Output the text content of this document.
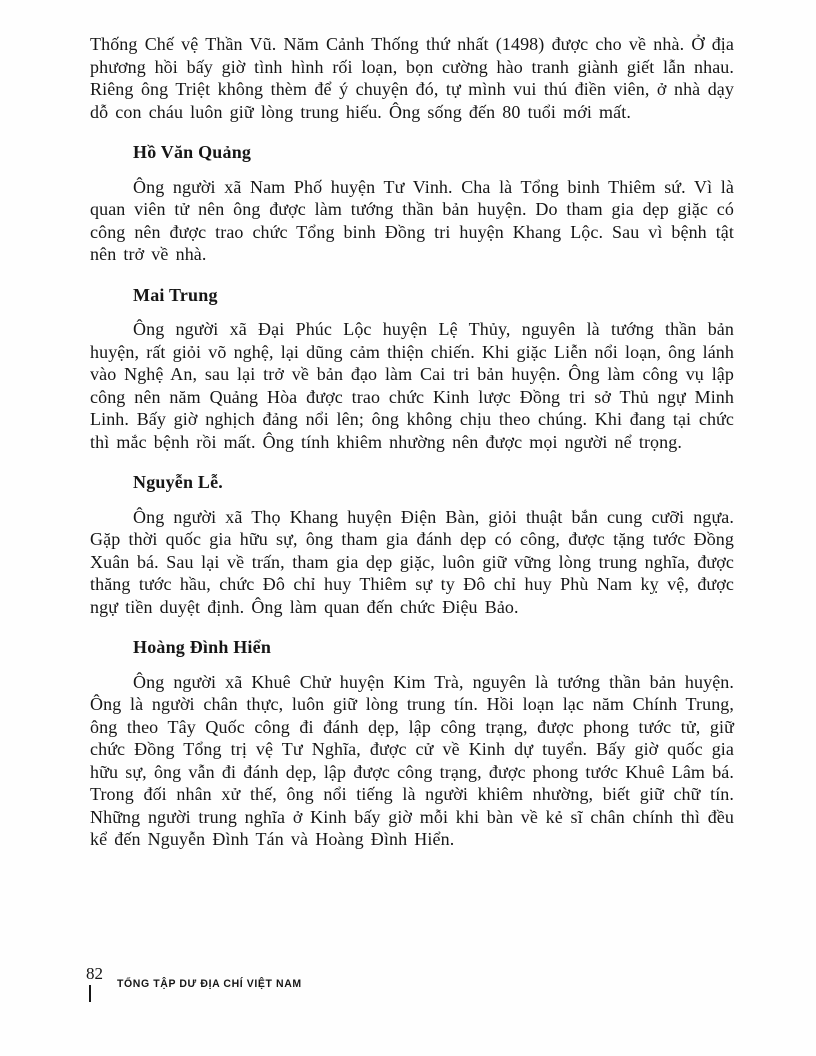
Thống Chế vệ Thần Vũ. Năm Cảnh Thống thứ nhất (1498) được cho về nhà. Ở địa phương hồi bấy giờ tình hình rối loạn, bọn cường hào tranh giành giết lẫn nhau. Riêng ông Triệt không thèm để ý chuyện đó, tự mình vui thú điền viên, ở nhà dạy dỗ con cháu luôn giữ lòng trung hiếu. Ông sống đến 80 tuổi mới mất.

Hồ Văn Quảng

Ông người xã Nam Phố huyện Tư Vinh. Cha là Tổng binh Thiêm sứ. Vì là quan viên tử nên ông được làm tướng thần bản huyện. Do tham gia dẹp giặc có công nên được trao chức Tổng binh Đồng tri huyện Khang Lộc. Sau vì bệnh tật nên trở về nhà.

Mai Trung

Ông người xã Đại Phúc Lộc huyện Lệ Thủy, nguyên là tướng thần bản huyện, rất giỏi võ nghệ, lại dũng cảm thiện chiến. Khi giặc Liễn nổi loạn, ông lánh vào Nghệ An, sau lại trở về bản đạo làm Cai tri bản huyện. Ông làm công vụ lập công nên năm Quảng Hòa được trao chức Kinh lược Đồng tri sở Thủ ngự Minh Linh. Bấy giờ nghịch đảng nổi lên; ông không chịu theo chúng. Khi đang tại chức thì mắc bệnh rồi mất. Ông tính khiêm nhường nên được mọi người nể trọng.

Nguyễn Lễ.

Ông người xã Thọ Khang huyện Điện Bàn, giỏi thuật bắn cung cưỡi ngựa. Gặp thời quốc gia hữu sự, ông tham gia đánh dẹp có công, được tặng tước Đồng Xuân bá. Sau lại về trấn, tham gia dẹp giặc, luôn giữ vững lòng trung nghĩa, được thăng tước hầu, chức Đô chỉ huy Thiêm sự ty Đô chỉ huy Phù Nam kỵ vệ, được ngự tiền duyệt định. Ông làm quan đến chức Điệu Bảo.

Hoàng Đình Hiển

Ông người xã Khuê Chử huyện Kim Trà, nguyên là tướng thần bản huyện. Ông là người chân thực, luôn giữ lòng trung tín. Hồi loạn lạc năm Chính Trung, ông theo Tây Quốc công đi đánh dẹp, lập công trạng, được phong tước tử, giữ chức Đồng Tổng trị vệ Tư Nghĩa, được cử về Kinh dự tuyển. Bấy giờ quốc gia hữu sự, ông vẫn đi đánh dẹp, lập được công trạng, được phong tước Khuê Lâm bá. Trong đối nhân xử thế, ông nổi tiếng là người khiêm nhường, biết giữ chữ tín. Những người trung nghĩa ở Kinh bấy giờ mỗi khi bàn về kẻ sĩ chân chính thì đều kể đến Nguyễn Đình Tán và Hoàng Đình Hiển.

82
TỔNG TẬP DƯ ĐỊA CHÍ VIỆT NAM
